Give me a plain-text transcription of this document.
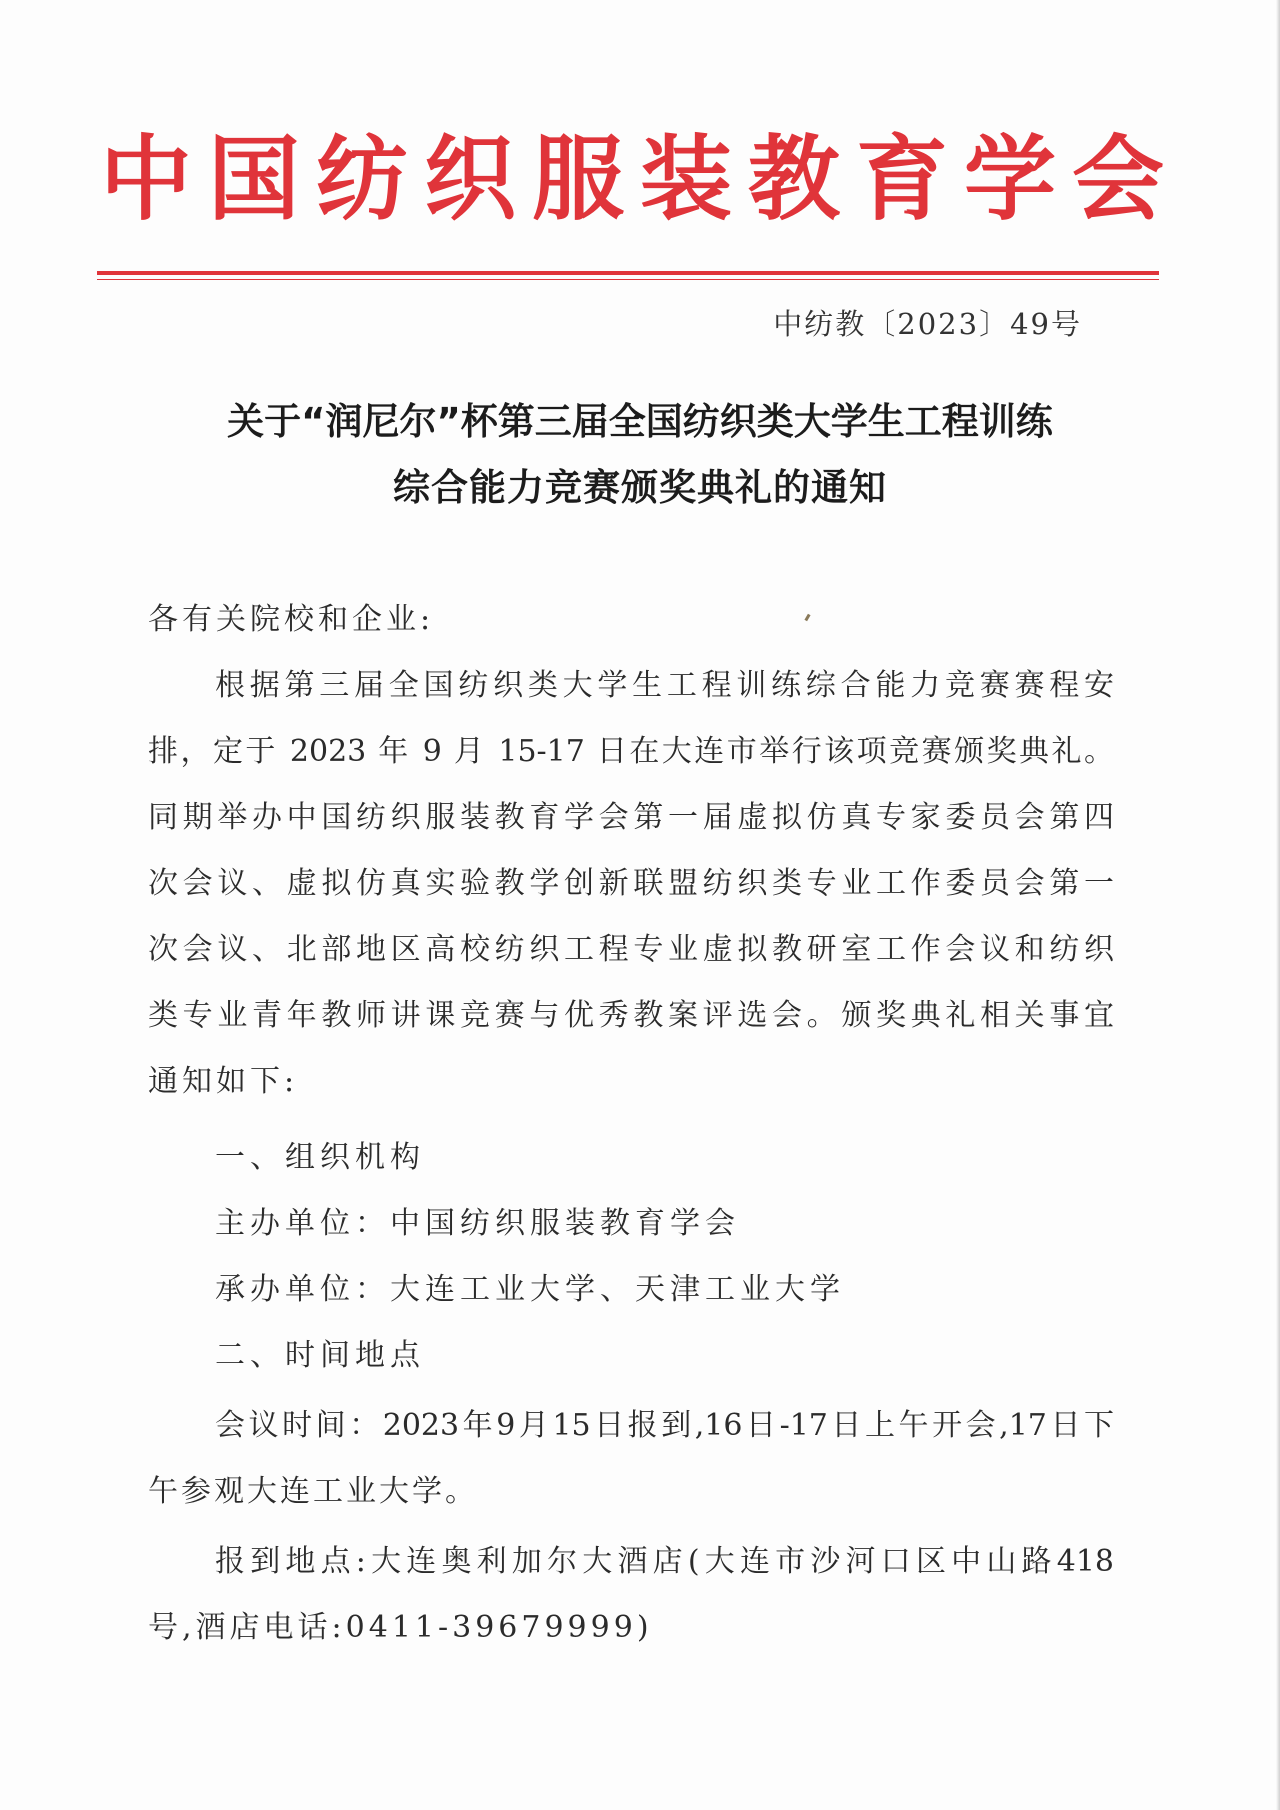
中国纺织服装教育学会
中纺教〔2023〕49号
关于“润尼尔”杯第三届全国纺织类大学生工程训练
综合能力竞赛颁奖典礼的通知
各有关院校和企业:
根据第三届全国纺织类大学生工程训练综合能力竞赛赛程安
排，定于 2023 年 9 月 15-17 日在大连市举行该项竞赛颁奖典礼。
同期举办中国纺织服装教育学会第一届虚拟仿真专家委员会第四
次会议、虚拟仿真实验教学创新联盟纺织类专业工作委员会第一
次会议、北部地区高校纺织工程专业虚拟教研室工作会议和纺织
类专业青年教师讲课竞赛与优秀教案评选会。颁奖典礼相关事宜
通知如下:
一、组织机构
主办单位：中国纺织服装教育学会
承办单位：大连工业大学、天津工业大学
二、时间地点
会议时间：2023年9月15日报到,16日-17日上午开会,17日下
午参观大连工业大学。
报到地点:大连奥利加尔大酒店(大连市沙河口区中山路418
号,酒店电话:0411-39679999)
